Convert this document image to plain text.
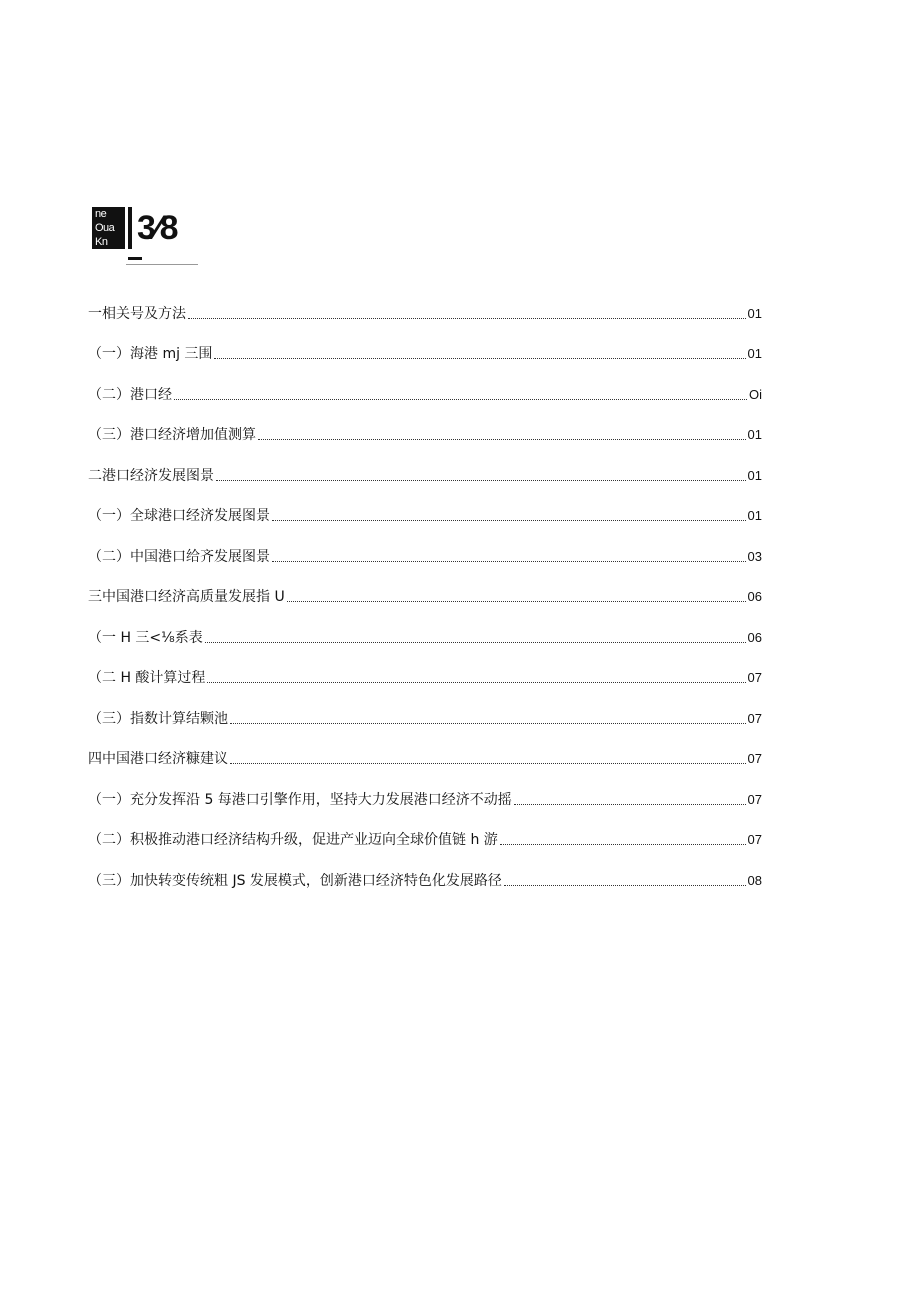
ne
Oua
Kn 3⁄8
一相关号及方法	01
（一）海港 mj 三围	01
（二）港口经	Oi
（三）港口经济增加值测算	01
二港口经济发展图景	01
（一）全球港口经济发展图景	01
（二）中国港口给齐发展图景	03
三中国港口经济高质量发展指 U	06
（一 H 三<⅛系表	06
（二 H 酸计算过程	07
（三）指数计算结颗池	07
四中国港口经济糠建议	07
（一）充分发挥沿 5 每港口引擎作用，坚持大力发展港口经济不动摇	07
（二）积极推动港口经济结构升级，促进产业迈向全球价值链 h 游	07
（三）加快转变传统粗 JS 发展模式，创新港口经济特色化发展路径	08
